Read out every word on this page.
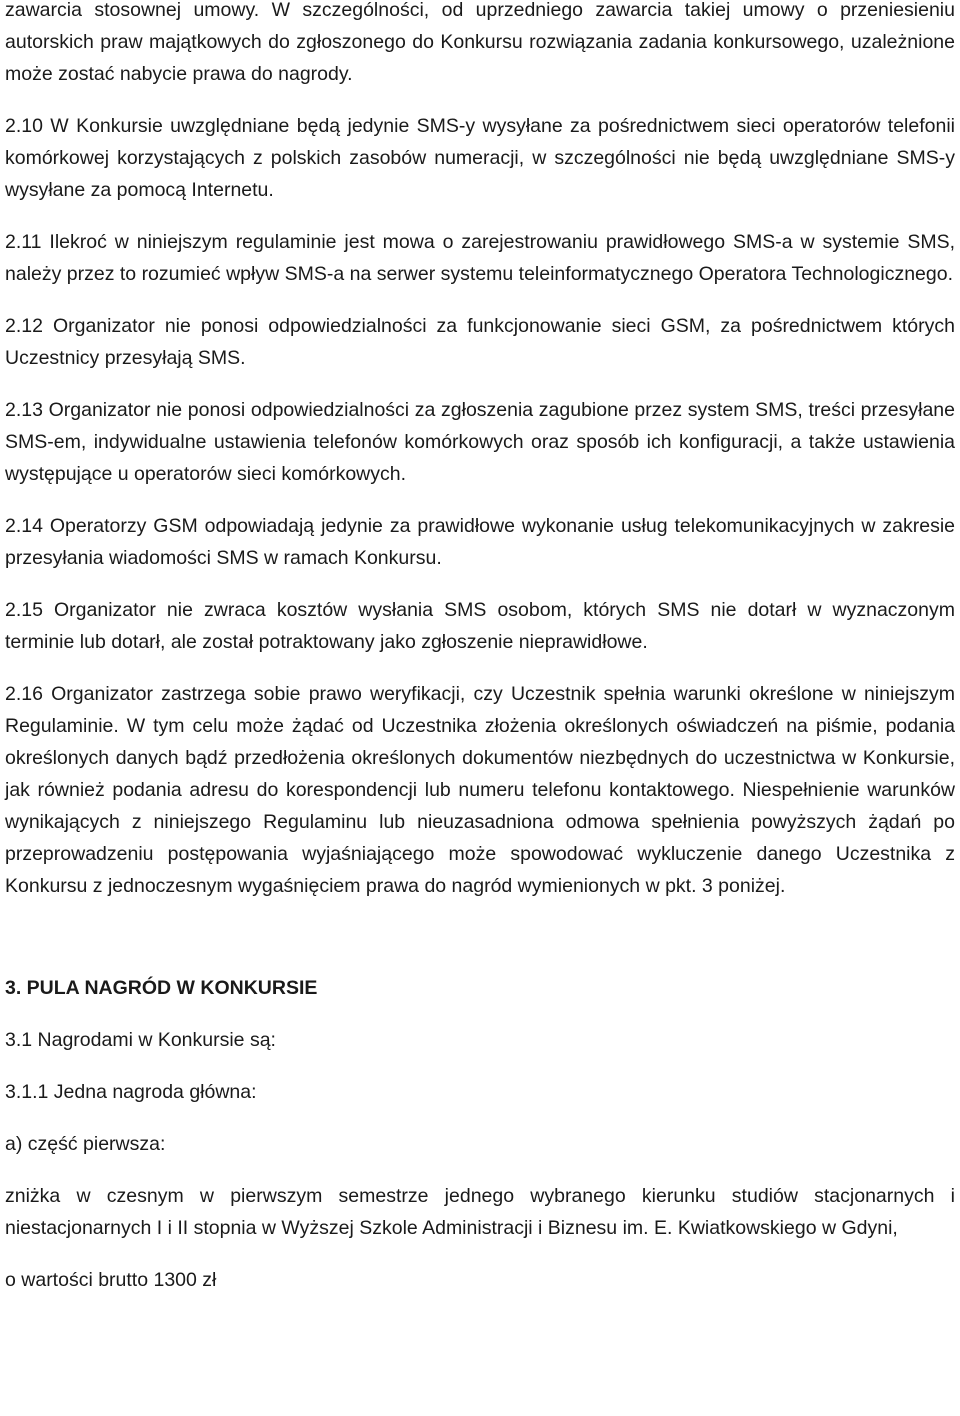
zawarcia stosownej umowy. W szczególności, od uprzedniego zawarcia takiej umowy o przeniesieniu autorskich praw majątkowych do zgłoszonego do Konkursu rozwiązania zadania konkursowego, uzależnione może zostać nabycie prawa do nagrody.

2.10 W Konkursie uwzględniane będą jedynie SMS-y wysyłane za pośrednictwem sieci operatorów telefonii komórkowej korzystających z polskich zasobów numeracji, w szczególności nie będą uwzględniane SMS-y wysyłane za pomocą Internetu.

2.11 Ilekroć w niniejszym regulaminie jest mowa o zarejestrowaniu prawidłowego SMS-a w systemie SMS, należy przez to rozumieć wpływ SMS-a na serwer systemu teleinformatycznego Operatora Technologicznego.

2.12 Organizator nie ponosi odpowiedzialności za funkcjonowanie sieci GSM, za pośrednictwem których Uczestnicy przesyłają SMS.

2.13 Organizator nie ponosi odpowiedzialności za zgłoszenia zagubione przez system SMS, treści przesyłane SMS-em, indywidualne ustawienia telefonów komórkowych oraz sposób ich konfiguracji, a także ustawienia występujące u operatorów sieci komórkowych.

2.14 Operatorzy GSM odpowiadają jedynie za prawidłowe wykonanie usług telekomunikacyjnych w zakresie przesyłania wiadomości SMS w ramach Konkursu.

2.15 Organizator nie zwraca kosztów wysłania SMS osobom, których SMS nie dotarł w wyznaczonym terminie lub dotarł, ale został potraktowany jako zgłoszenie nieprawidłowe.

2.16 Organizator zastrzega sobie prawo weryfikacji, czy Uczestnik spełnia warunki określone w niniejszym Regulaminie. W tym celu może żądać od Uczestnika złożenia określonych oświadczeń na piśmie, podania określonych danych bądź przedłożenia określonych dokumentów niezbędnych do uczestnictwa w Konkursie, jak również podania adresu do korespondencji lub numeru telefonu kontaktowego. Niespełnienie warunków wynikających z niniejszego Regulaminu lub nieuzasadniona odmowa spełnienia powyższych żądań po przeprowadzeniu postępowania wyjaśniającego może spowodować wykluczenie danego Uczestnika z Konkursu z jednoczesnym wygaśnięciem prawa do nagród wymienionych w pkt. 3 poniżej.

3. PULA NAGRÓD W KONKURSIE

3.1 Nagrodami w Konkursie są:

3.1.1 Jedna nagroda główna:

a) część pierwsza:

zniżka w czesnym w pierwszym semestrze jednego wybranego kierunku studiów stacjonarnych i niestacjonarnych I i II stopnia w Wyższej Szkole Administracji i Biznesu im. E. Kwiatkowskiego w Gdyni,

o wartości brutto 1300 zł
